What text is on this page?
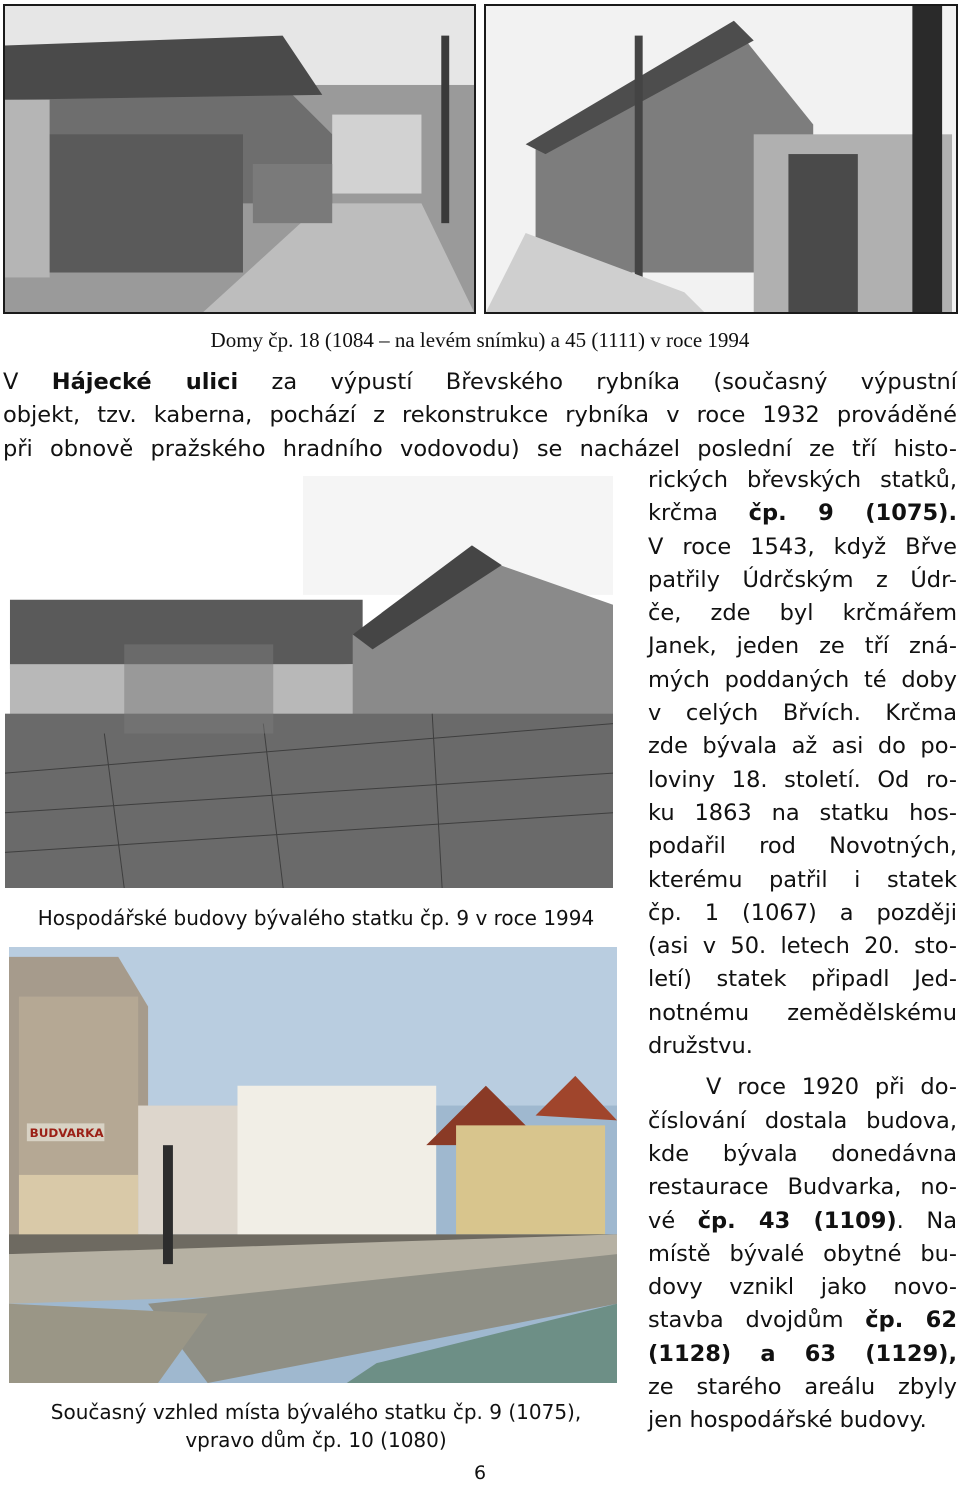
Domy čp. 18 (1084 – na levém snímku) a 45 (1111) v roce 1994
V Hájecké ulici za výpustí Břevského rybníka (současný výpustní
objekt, tzv. kaberna, pochází z rekonstrukce rybníka v roce 1932 prováděné
při obnově pražského hradního vodovodu) se nacházel poslední ze tří histo-
Hospodářské budovy bývalého statku čp. 9 v roce 1994
rických břevských statků,
krčma čp. 9 (1075).
V roce 1543, když Břve
patřily Údrčským z Údr-
če, zde byl krčmářem
Janek, jeden ze tří zná-
mých poddaných té doby
v celých Břvích. Krčma
zde bývala až asi do po-
loviny 18. století. Od ro-
ku 1863 na statku hos-
podařil rod Novotných,
kterému patřil i statek
čp. 1 (1067) a později
(asi v 50. letech 20. sto-
letí) statek připadl Jed-
notnému zemědělskému
družstvu.
V roce 1920 při do-
číslování dostala budova,
kde bývala donedávna
restaurace Budvarka, no-
vé čp. 43 (1109). Na
místě bývalé obytné bu-
dovy vznikl jako novo-
stavba dvojdům čp. 62
(1128) a 63 (1129),
ze starého areálu zbyly
jen hospodářské budovy.
BUDVARKA
Současný vzhled místa bývalého statku čp. 9 (1075),
vpravo dům čp. 10 (1080)
6
